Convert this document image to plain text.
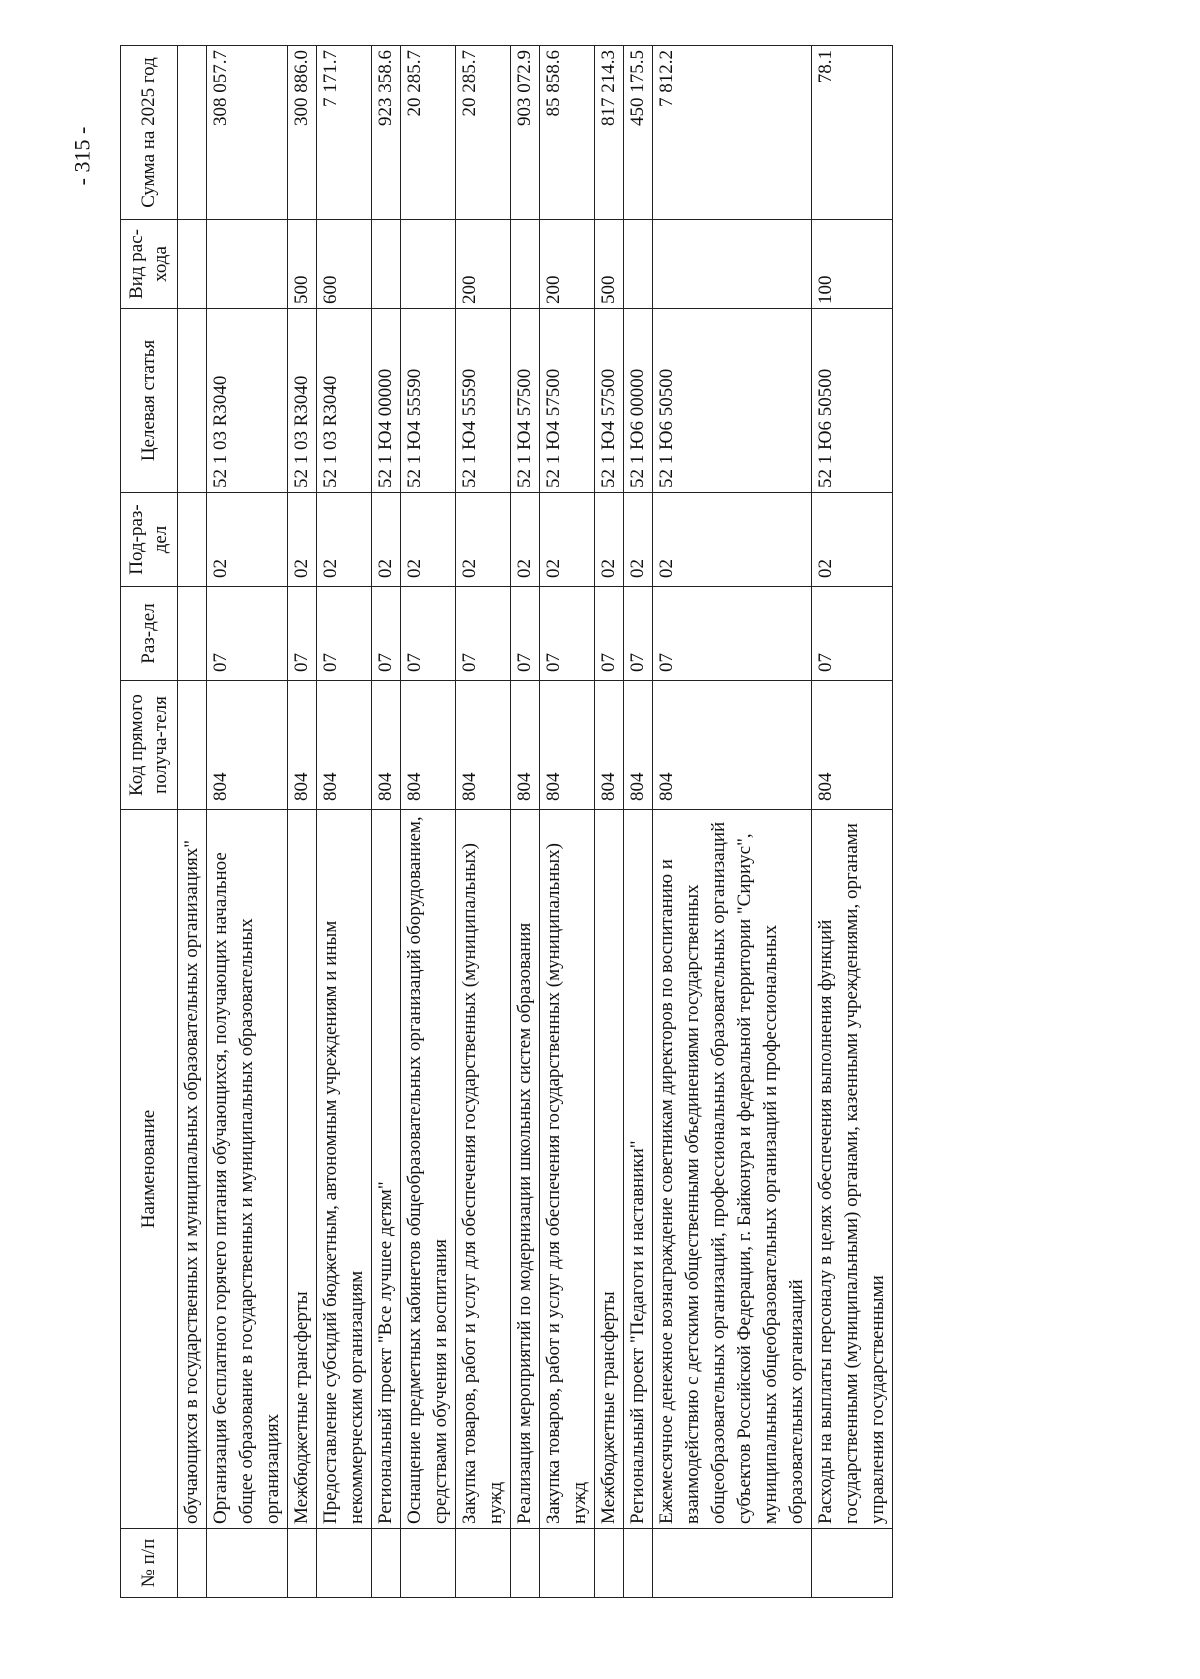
- 315 -
№ п/п	Наименование	Код прямого получа-теля	Раз-дел	Под-раз-дел	Целевая статья	Вид рас-хода	Сумма на 2025 год
	обучающихся в государственных и муниципальных образовательных организациях"						
	Организация бесплатного горячего питания обучающихся, получающих начальное общее образование в государственных и муниципальных образовательных организациях	804	07	02	52 1 03 R3040		308 057.7
	Межбюджетные трансферты	804	07	02	52 1 03 R3040	500	300 886.0
	Предоставление субсидий бюджетным, автономным учреждениям и иным некоммерческим организациям	804	07	02	52 1 03 R3040	600	7 171.7
	Региональный проект "Все лучшее детям"	804	07	02	52 1 Ю4 00000		923 358.6
	Оснащение предметных кабинетов общеобразовательных организаций оборудованием, средствами обучения и воспитания	804	07	02	52 1 Ю4 55590		20 285.7
	Закупка товаров, работ и услуг для обеспечения государственных (муниципальных) нужд	804	07	02	52 1 Ю4 55590	200	20 285.7
	Реализация мероприятий по модернизации школьных систем образования	804	07	02	52 1 Ю4 57500		903 072.9
	Закупка товаров, работ и услуг для обеспечения государственных (муниципальных) нужд	804	07	02	52 1 Ю4 57500	200	85 858.6
	Межбюджетные трансферты	804	07	02	52 1 Ю4 57500	500	817 214.3
	Региональный проект "Педагоги и наставники"	804	07	02	52 1 Ю6 00000		450 175.5
	Ежемесячное денежное вознаграждение советникам директоров по воспитанию и взаимодействию с детскими общественными объединениями государственных общеобразовательных организаций, профессиональных образовательных организаций субъектов Российской Федерации, г. Байконура и федеральной территории "Сириус", муниципальных общеобразовательных организаций и профессиональных образовательных организаций	804	07	02	52 1 Ю6 50500		7 812.2
	Расходы на выплаты персоналу в целях обеспечения выполнения функций государственными (муниципальными) органами, казенными учреждениями, органами управления государственными	804	07	02	52 1 Ю6 50500	100	78.1
